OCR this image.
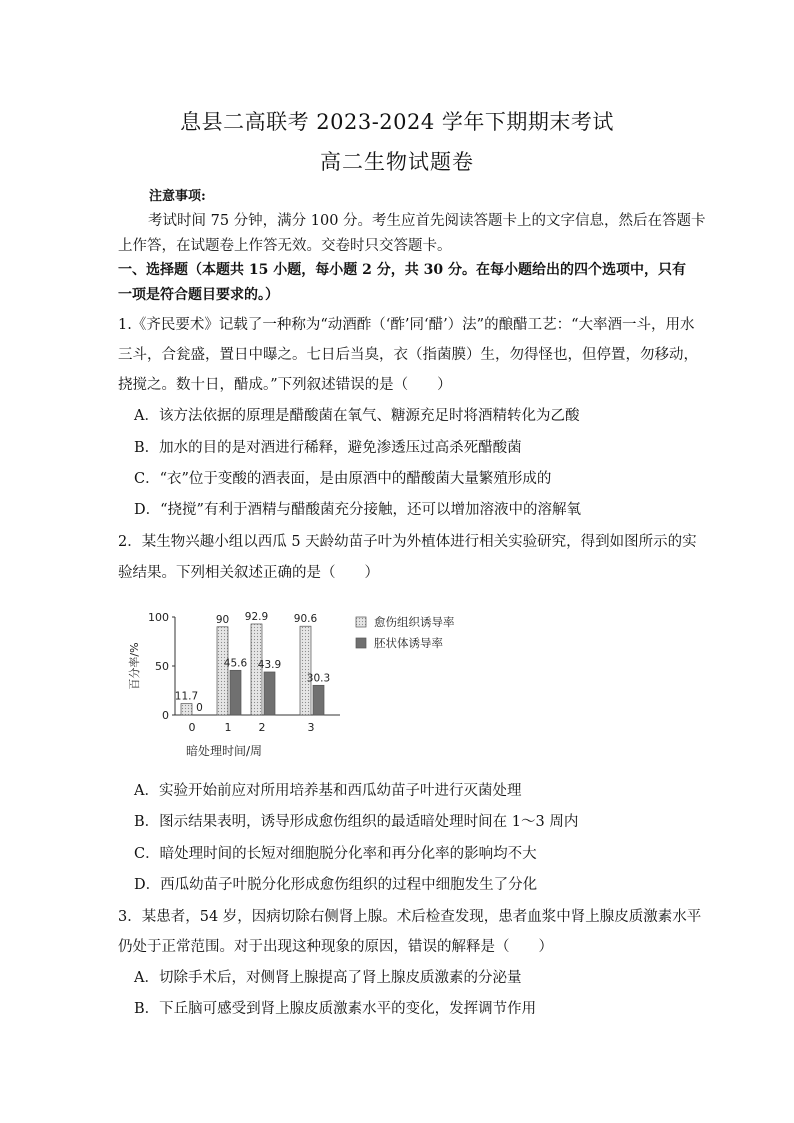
息县二高联考 2023-2024 学年下期期末考试
高二生物试题卷
注意事项:
考试时间 75 分钟，满分 100 分。考生应首先阅读答题卡上的文字信息，然后在答题卡
上作答，在试题卷上作答无效。交卷时只交答题卡。
一、选择题（本题共 15 小题，每小题 2 分，共 30 分。在每小题给出的四个选项中，只有
一项是符合题目要求的。）
1.《齐民要术》记载了一种称为“动酒酢（‘酢’同‘醋’）法”的酿醋工艺：“大率酒一斗，用水
三斗，合瓮盛，置日中曝之。七日后当臭，衣（指菌膜）生，勿得怪也，但停置，勿移动，
挠搅之。数十日，醋成。”下列叙述错误的是（　　）
A．该方法依据的原理是醋酸菌在氧气、糖源充足时将酒精转化为乙酸
B．加水的目的是对酒进行稀释，避免渗透压过高杀死醋酸菌
C．“衣”位于变酸的酒表面，是由原酒中的醋酸菌大量繁殖形成的
D．“挠搅”有利于酒精与醋酸菌充分接触，还可以增加溶液中的溶解氧
2．某生物兴趣小组以西瓜 5 天龄幼苗子叶为外植体进行相关实验研究，得到如图所示的实
验结果。下列相关叙述正确的是（　　）
0
50
100
百分率/%
11.7
0
0
90
45.6
1
92.9
43.9
2
90.6
30.3
3
暗处理时间/周
愈伤组织诱导率
胚状体诱导率
A．实验开始前应对所用培养基和西瓜幼苗子叶进行灭菌处理
B．图示结果表明，诱导形成愈伤组织的最适暗处理时间在 1～3 周内
C．暗处理时间的长短对细胞脱分化率和再分化率的影响均不大
D．西瓜幼苗子叶脱分化形成愈伤组织的过程中细胞发生了分化
3．某患者，54 岁，因病切除右侧肾上腺。术后检查发现，患者血浆中肾上腺皮质激素水平
仍处于正常范围。对于出现这种现象的原因，错误的解释是（　　）
A．切除手术后，对侧肾上腺提高了肾上腺皮质激素的分泌量
B．下丘脑可感受到肾上腺皮质激素水平的变化，发挥调节作用
